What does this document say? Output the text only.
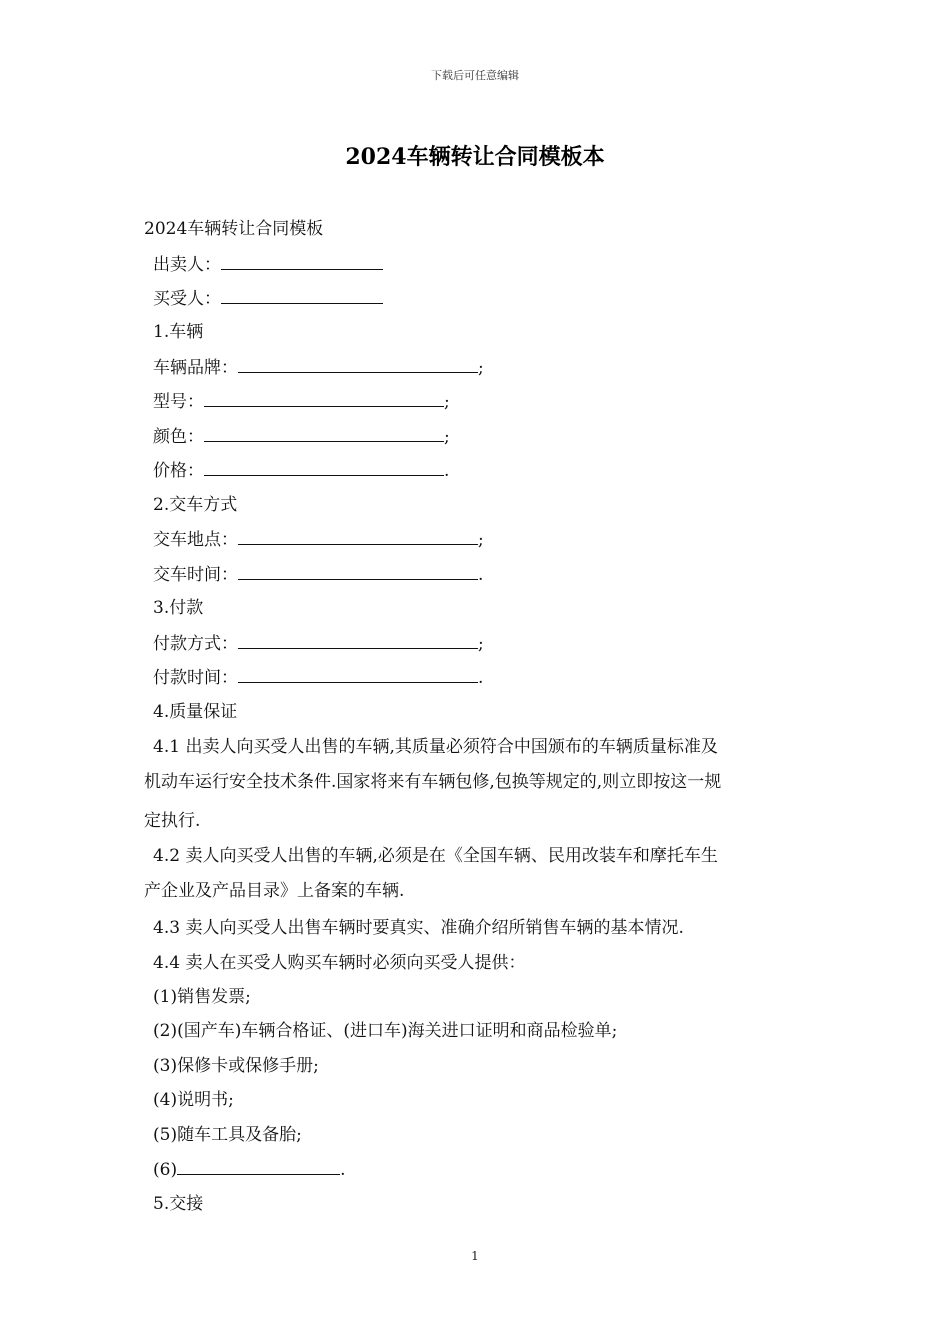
下载后可任意编辑
2024车辆转让合同模板本
2024车辆转让合同模板
出卖人：
买受人：
1.车辆
车辆品牌：	;
型号：	;
颜色：	;
价格：	.
2.交车方式
交车地点：	;
交车时间：	.
3.付款
付款方式：	;
付款时间：	.
4.质量保证
4.1 出卖人向买受人出售的车辆,其质量必须符合中国颁布的车辆质量标准及
机动车运行安全技术条件.国家将来有车辆包修,包换等规定的,则立即按这一规
定执行.
4.2 卖人向买受人出售的车辆,必须是在《全国车辆、民用改装车和摩托车生
产企业及产品目录》上备案的车辆.
4.3 卖人向买受人出售车辆时要真实、准确介绍所销售车辆的基本情况.
4.4 卖人在买受人购买车辆时必须向买受人提供：
(1)销售发票;
(2)(国产车)车辆合格证、(进口车)海关进口证明和商品检验单;
(3)保修卡或保修手册;
(4)说明书;
(5)随车工具及备胎;
(6)	.
5.交接
1
